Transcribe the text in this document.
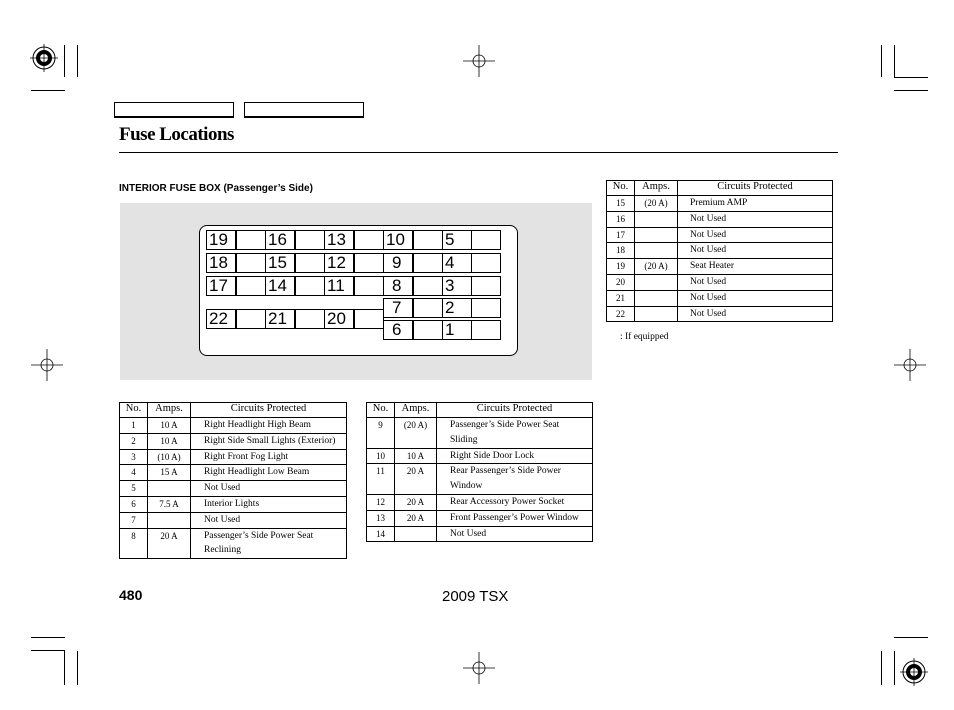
Fuse Locations
INTERIOR FUSE BOX (Passenger’s Side)
19	16	13	10	5
18	15	12	9	4
17	14	11	8	3
7	2
22	21	20
6	1
No.	Amps.	Circuits Protected
15	(20 A)	Premium AMP
16		Not Used
17		Not Used
18		Not Used
19	(20 A)	Seat Heater
20		Not Used
21		Not Used
22		Not Used
: If equipped
No.	Amps.	Circuits Protected
1	10 A	Right Headlight High Beam
2	10 A	Right Side Small Lights (Exterior)
3	(10 A)	Right Front Fog Light
4	15 A	Right Headlight Low Beam
5		Not Used
6	7.5 A	Interior Lights
7		Not Used
8	20 A	Passenger’s Side Power Seat Reclining
No.	Amps.	Circuits Protected
9	(20 A)	Passenger’s Side Power Seat Sliding
10	10 A	Right Side Door Lock
11	20 A	Rear Passenger’s Side Power Window
12	20 A	Rear Accessory Power Socket
13	20 A	Front Passenger’s Power Window
14		Not Used
480	2009 TSX
